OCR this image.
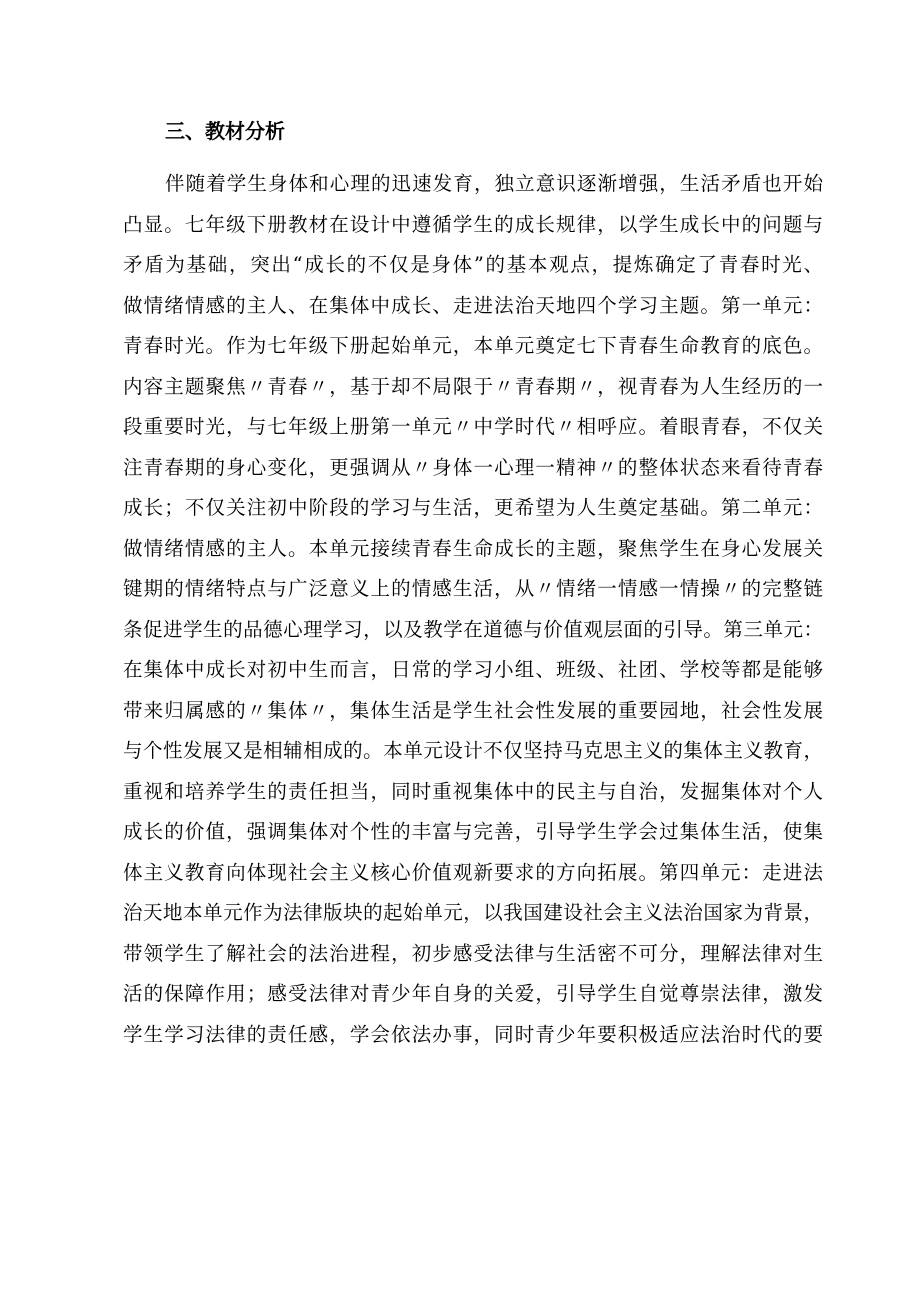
三、教材分析
伴随着学生身体和心理的迅速发育，独立意识逐渐增强，生活矛盾也开始
凸显。七年级下册教材在设计中遵循学生的成长规律，以学生成长中的问题与
矛盾为基础，突出“成长的不仅是身体”的基本观点，提炼确定了青春时光、
做情绪情感的主人、在集体中成长、走进法治天地四个学习主题。第一单元：
青春时光。作为七年级下册起始单元，本单元奠定七下青春生命教育的底色。
内容主题聚焦〃青春〃，基于却不局限于〃青春期〃，视青春为人生经历的一
段重要时光，与七年级上册第一单元〃中学时代〃相呼应。着眼青春，不仅关
注青春期的身心变化，更强调从〃身体一心理一精神〃的整体状态来看待青春
成长；不仅关注初中阶段的学习与生活，更希望为人生奠定基础。第二单元：
做情绪情感的主人。本单元接续青春生命成长的主题，聚焦学生在身心发展关
键期的情绪特点与广泛意义上的情感生活，从〃情绪一情感一情操〃的完整链
条促进学生的品德心理学习，以及教学在道德与价值观层面的引导。第三单元：
在集体中成长对初中生而言，日常的学习小组、班级、社团、学校等都是能够
带来归属感的〃集体〃，集体生活是学生社会性发展的重要园地，社会性发展
与个性发展又是相辅相成的。本单元设计不仅坚持马克思主义的集体主义教育，
重视和培养学生的责任担当，同时重视集体中的民主与自治，发掘集体对个人
成长的价值，强调集体对个性的丰富与完善，引导学生学会过集体生活，使集
体主义教育向体现社会主义核心价值观新要求的方向拓展。第四单元：走进法
治天地本单元作为法律版块的起始单元，以我国建设社会主义法治国家为背景，
带领学生了解社会的法治进程，初步感受法律与生活密不可分，理解法律对生
活的保障作用；感受法律对青少年自身的关爱，引导学生自觉尊崇法律，激发
学生学习法律的责任感，学会依法办事，同时青少年要积极适应法治时代的要
